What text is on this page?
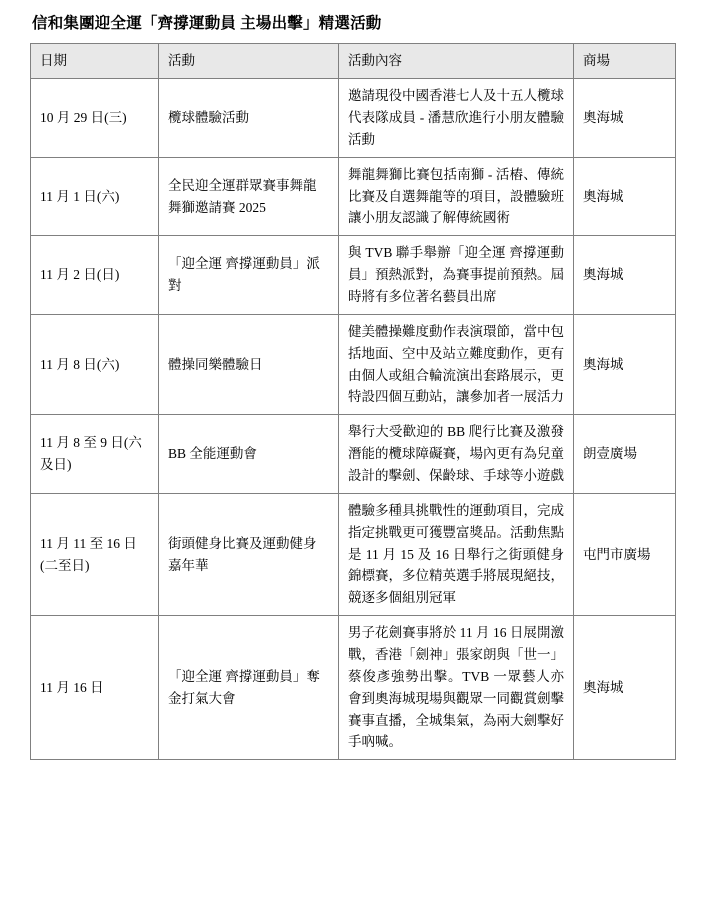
信和集團迎全運「齊撐運動員 主場出擊」精選活動
日期	活動	活動內容	商場
10 月 29 日(三)	欖球體驗活動	邀請現役中國香港七人及十五人欖球代表隊成員 - 潘慧欣進行小朋友體驗活動	奧海城
11 月 1 日(六)	全民迎全運群眾賽事舞龍舞獅邀請賽 2025	舞龍舞獅比賽包括南獅 - 活樁、傳統比賽及自選舞龍等的項目，設體驗班讓小朋友認識了解傳統國術	奧海城
11 月 2 日(日)	「迎全運 齊撐運動員」派對	與 TVB 聯手舉辦「迎全運 齊撐運動員」預熱派對，為賽事提前預熱。屆時將有多位著名藝員出席	奧海城
11 月 8 日(六)	體操同樂體驗日	健美體操難度動作表演環節，當中包括地面、空中及站立難度動作，更有由個人或組合輪流演出套路展示，更特設四個互動站，讓參加者一展活力	奧海城
11 月 8 至 9 日(六及日)	BB 全能運動會	舉行大受歡迎的 BB 爬行比賽及激發潛能的欖球障礙賽，場內更有為兒童設計的擊劍、保齡球、手球等小遊戲	朗壹廣場
11 月 11 至 16 日(二至日)	街頭健身比賽及運動健身嘉年華	體驗多種具挑戰性的運動項目，完成指定挑戰更可獲豐富獎品。活動焦點是 11 月 15 及 16 日舉行之街頭健身錦標賽，多位精英選手將展現絕技，競逐多個組別冠軍	屯門市廣場
11 月 16 日	「迎全運 齊撐運動員」奪金打氣大會	男子花劍賽事將於 11 月 16 日展開激戰，香港「劍神」張家朗與「世一」蔡俊彥強勢出擊。TVB 一眾藝人亦會到奧海城現場與觀眾一同觀賞劍擊賽事直播，全城集氣，為兩大劍擊好手吶喊。	奧海城
